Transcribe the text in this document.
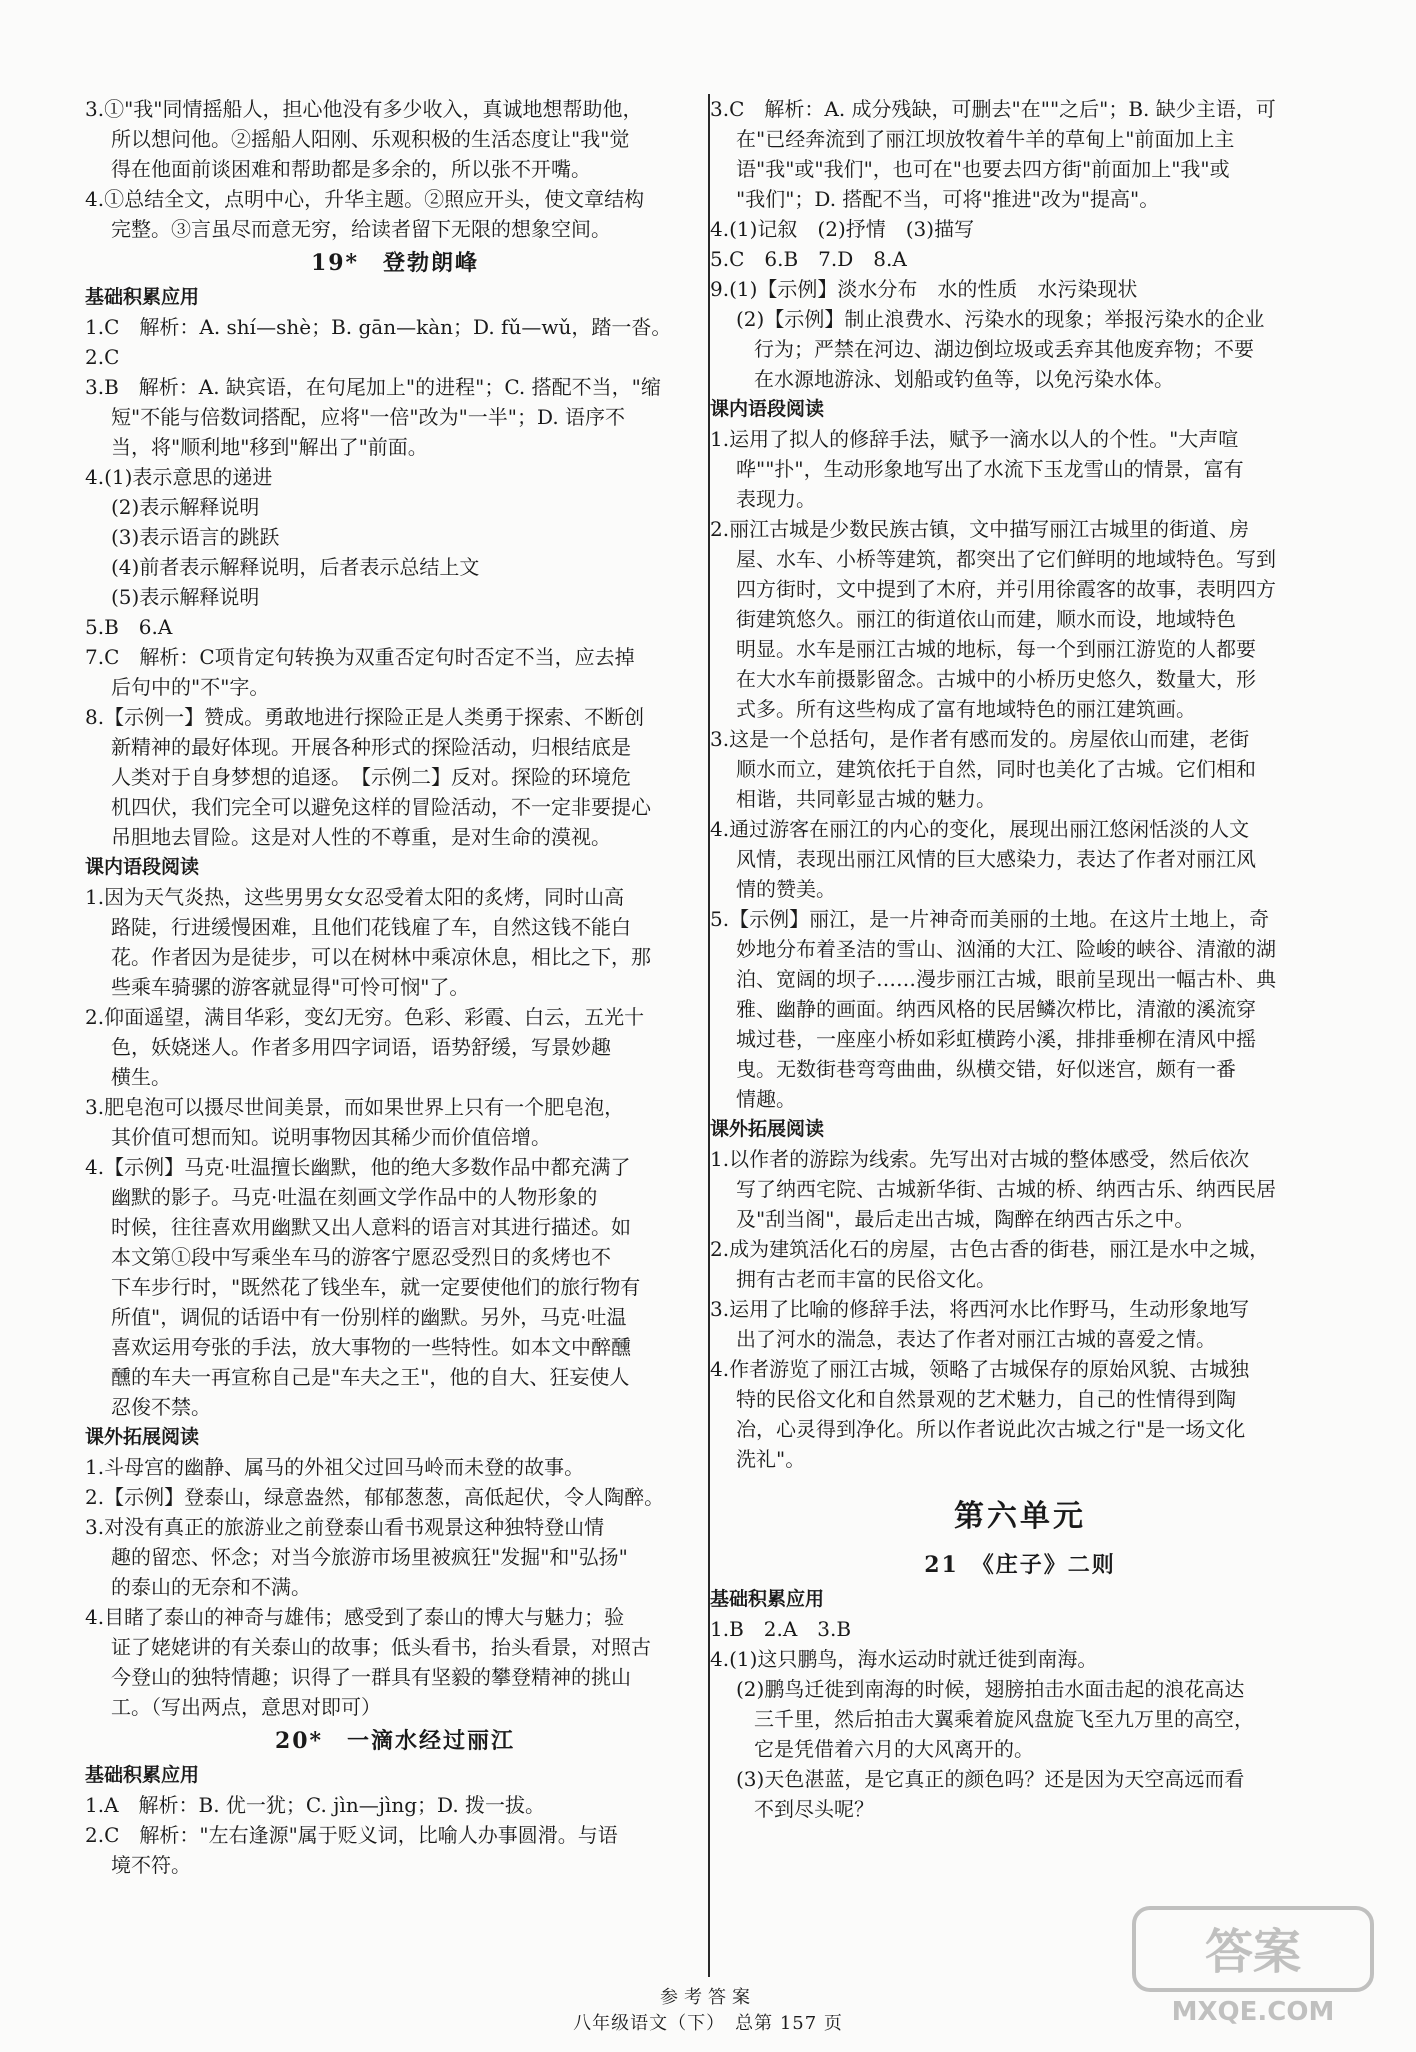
3.①"我"同情摇船人，担心他没有多少收入，真诚地想帮助他，
所以想问他。②摇船人阳刚、乐观积极的生活态度让"我"觉
得在他面前谈困难和帮助都是多余的，所以张不开嘴。
4.①总结全文，点明中心，升华主题。②照应开头，使文章结构
完整。③言虽尽而意无穷，给读者留下无限的想象空间。
19*　登勃朗峰
基础积累应用
1.C　解析：A. shí—shè；B. gān—kàn；D. fǔ—wǔ，踏一沓。
2.C
3.B　解析：A. 缺宾语，在句尾加上"的进程"；C. 搭配不当，"缩
短"不能与倍数词搭配，应将"一倍"改为"一半"；D. 语序不
当，将"顺利地"移到"解出了"前面。
4.(1)表示意思的递进
(2)表示解释说明
(3)表示语言的跳跃
(4)前者表示解释说明，后者表示总结上文
(5)表示解释说明
5.B　6.A
7.C　解析：C项肯定句转换为双重否定句时否定不当，应去掉
后句中的"不"字。
8.【示例一】赞成。勇敢地进行探险正是人类勇于探索、不断创
新精神的最好体现。开展各种形式的探险活动，归根结底是
人类对于自身梦想的追逐。　【示例二】反对。探险的环境危
机四伏，我们完全可以避免这样的冒险活动，不一定非要提心
吊胆地去冒险。这是对人性的不尊重，是对生命的漠视。
课内语段阅读
1.因为天气炎热，这些男男女女忍受着太阳的炙烤，同时山高
路陡，行进缓慢困难，且他们花钱雇了车，自然这钱不能白
花。作者因为是徒步，可以在树林中乘凉休息，相比之下，那
些乘车骑骡的游客就显得"可怜可悯"了。
2.仰面遥望，满目华彩，变幻无穷。色彩、彩霞、白云，五光十
色，妖娆迷人。作者多用四字词语，语势舒缓，写景妙趣
横生。
3.肥皂泡可以摄尽世间美景，而如果世界上只有一个肥皂泡，
其价值可想而知。说明事物因其稀少而价值倍增。
4.【示例】马克·吐温擅长幽默，他的绝大多数作品中都充满了
幽默的影子。马克·吐温在刻画文学作品中的人物形象的
时候，往往喜欢用幽默又出人意料的语言对其进行描述。如
本文第①段中写乘坐车马的游客宁愿忍受烈日的炙烤也不
下车步行时，"既然花了钱坐车，就一定要使他们的旅行物有
所值"，调侃的话语中有一份别样的幽默。另外，马克·吐温
喜欢运用夸张的手法，放大事物的一些特性。如本文中醉醺
醺的车夫一再宣称自己是"车夫之王"，他的自大、狂妄使人
忍俊不禁。
课外拓展阅读
1.斗母宫的幽静、属马的外祖父过回马岭而未登的故事。
2.【示例】登泰山，绿意盎然，郁郁葱葱，高低起伏，令人陶醉。
3.对没有真正的旅游业之前登泰山看书观景这种独特登山情
趣的留恋、怀念；对当今旅游市场里被疯狂"发掘"和"弘扬"
的泰山的无奈和不满。
4.目睹了泰山的神奇与雄伟；感受到了泰山的博大与魅力；验
证了姥姥讲的有关泰山的故事；低头看书，抬头看景，对照古
今登山的独特情趣；识得了一群具有坚毅的攀登精神的挑山
工。（写出两点，意思对即可）
20*　一滴水经过丽江
基础积累应用
1.A　解析：B. 优一犹；C. jìn—jìng；D. 拨一拔。
2.C　解析："左右逢源"属于贬义词，比喻人办事圆滑。与语
境不符。
3.C　解析：A. 成分残缺，可删去"在""之后"；B. 缺少主语，可
在"已经奔流到了丽江坝放牧着牛羊的草甸上"前面加上主
语"我"或"我们"，也可在"也要去四方街"前面加上"我"或
"我们"；D. 搭配不当，可将"推进"改为"提高"。
4.(1)记叙　(2)抒情　(3)描写
5.C　6.B　7.D　8.A
9.(1)【示例】淡水分布　水的性质　水污染现状
(2)【示例】制止浪费水、污染水的现象；举报污染水的企业
行为；严禁在河边、湖边倒垃圾或丢弃其他废弃物；不要
在水源地游泳、划船或钓鱼等，以免污染水体。
课内语段阅读
1.运用了拟人的修辞手法，赋予一滴水以人的个性。"大声喧
哗""扑"，生动形象地写出了水流下玉龙雪山的情景，富有
表现力。
2.丽江古城是少数民族古镇，文中描写丽江古城里的街道、房
屋、水车、小桥等建筑，都突出了它们鲜明的地域特色。写到
四方街时，文中提到了木府，并引用徐霞客的故事，表明四方
街建筑悠久。丽江的街道依山而建，顺水而设，地域特色
明显。水车是丽江古城的地标，每一个到丽江游览的人都要
在大水车前摄影留念。古城中的小桥历史悠久，数量大，形
式多。所有这些构成了富有地域特色的丽江建筑画。
3.这是一个总括句，是作者有感而发的。房屋依山而建，老街
顺水而立，建筑依托于自然，同时也美化了古城。它们相和
相谐，共同彰显古城的魅力。
4.通过游客在丽江的内心的变化，展现出丽江悠闲恬淡的人文
风情，表现出丽江风情的巨大感染力，表达了作者对丽江风
情的赞美。
5.【示例】丽江，是一片神奇而美丽的土地。在这片土地上，奇
妙地分布着圣洁的雪山、汹涌的大江、险峻的峡谷、清澈的湖
泊、宽阔的坝子……漫步丽江古城，眼前呈现出一幅古朴、典
雅、幽静的画面。纳西风格的民居鳞次栉比，清澈的溪流穿
城过巷，一座座小桥如彩虹横跨小溪，排排垂柳在清风中摇
曳。无数街巷弯弯曲曲，纵横交错，好似迷宫，颇有一番
情趣。
课外拓展阅读
1.以作者的游踪为线索。先写出对古城的整体感受，然后依次
写了纳西宅院、古城新华街、古城的桥、纳西古乐、纳西民居
及"刮当阁"，最后走出古城，陶醉在纳西古乐之中。
2.成为建筑活化石的房屋，古色古香的街巷，丽江是水中之城，
拥有古老而丰富的民俗文化。
3.运用了比喻的修辞手法，将西河水比作野马，生动形象地写
出了河水的湍急，表达了作者对丽江古城的喜爱之情。
4.作者游览了丽江古城，领略了古城保存的原始风貌、古城独
特的民俗文化和自然景观的艺术魅力，自己的性情得到陶
冶，心灵得到净化。所以作者说此次古城之行"是一场文化
洗礼"。
第六单元
21　《庄子》二则
基础积累应用
1.B　2.A　3.B
4.(1)这只鹏鸟，海水运动时就迁徙到南海。
(2)鹏鸟迁徙到南海的时候，翅膀拍击水面击起的浪花高达
三千里，然后拍击大翼乘着旋风盘旋飞至九万里的高空，
它是凭借着六月的大风离开的。
(3)天色湛蓝，是它真正的颜色吗？还是因为天空高远而看
不到尽头呢？
参考答案
八年级语文（下）　总第 157 页
答案
MXQE.COM
